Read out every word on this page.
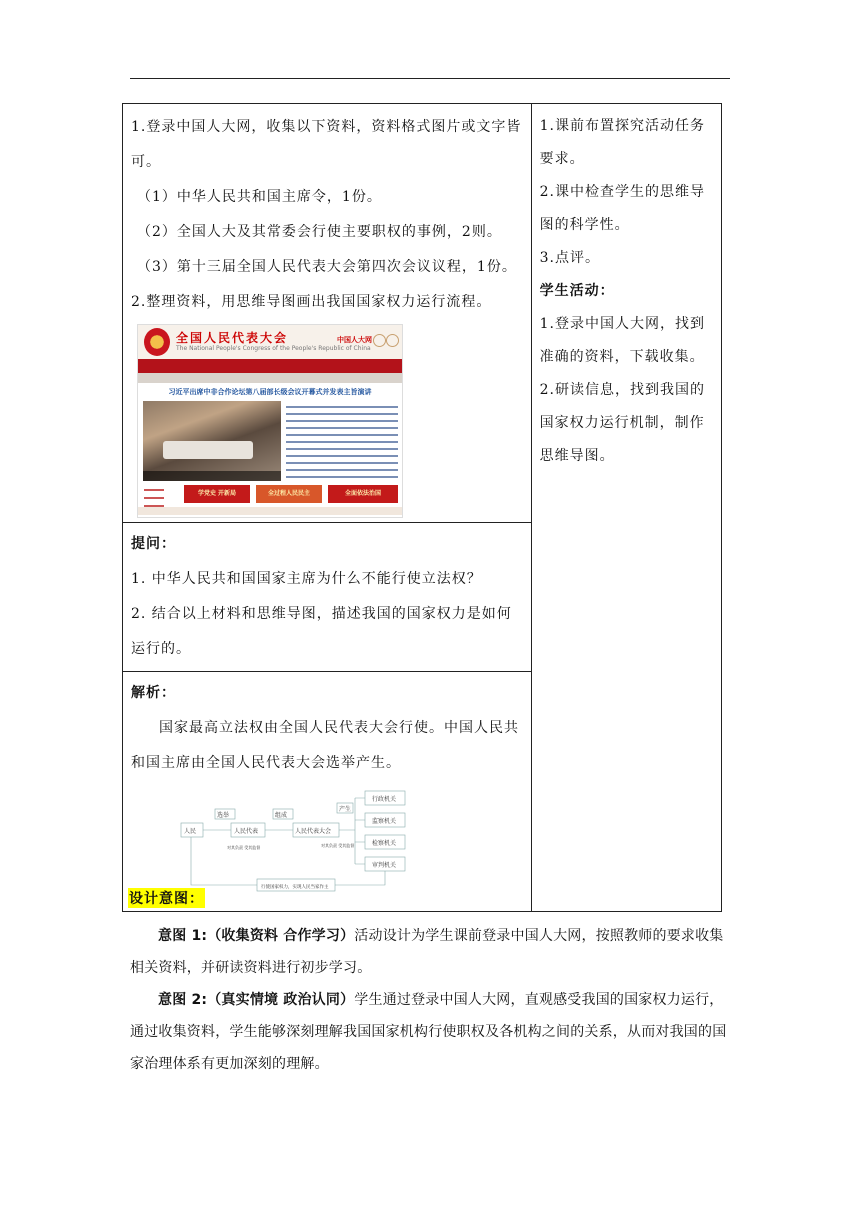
1.登录中国人大网，收集以下资料，资料格式图片或文字皆可。

（1）中华人民共和国主席令，1份。

（2）全国人大及其常委会行使主要职权的事例，2则。

（3）第十三届全国人民代表大会第四次会议议程，1份。

2.整理资料，用思维导图画出我国国家权力运行流程。

全国人民代表大会
The National People's Congress of the People's Republic of China
中国人大网
习近平出席中非合作论坛第八届部长级会议开幕式并发表主旨演讲
学党史 开新局	全过程人民民主	全面依法治国

1.课前布置探究活动任务要求。

2.课中检查学生的思维导图的科学性。

3.点评。

学生活动：

1.登录中国人大网，找到准确的资料，下载收集。

2.研读信息，找到我国的国家权力运行机制，制作思维导图。

提问：

1. 中华人民共和国国家主席为什么不能行使立法权？

2. 结合以上材料和思维导图，描述我国的国家权力是如何运行的。

解析：

国家最高立法权由全国人民代表大会行使。中国人民共和国主席由全国人民代表大会选举产生。

人民
选举
人民代表
组成
人民代表大会
产生
行政机关
监察机关
检察机关
审判机关
对其负责 受其监督	对其负责 受其监督
行使国家权力，实现人民当家作主
设计意图：

意图 1:（收集资料 合作学习）活动设计为学生课前登录中国人大网，按照教师的要求收集相关资料，并研读资料进行初步学习。

意图 2:（真实情境 政治认同）学生通过登录中国人大网，直观感受我国的国家权力运行，通过收集资料，学生能够深刻理解我国国家机构行使职权及各机构之间的关系，从而对我国的国家治理体系有更加深刻的理解。
